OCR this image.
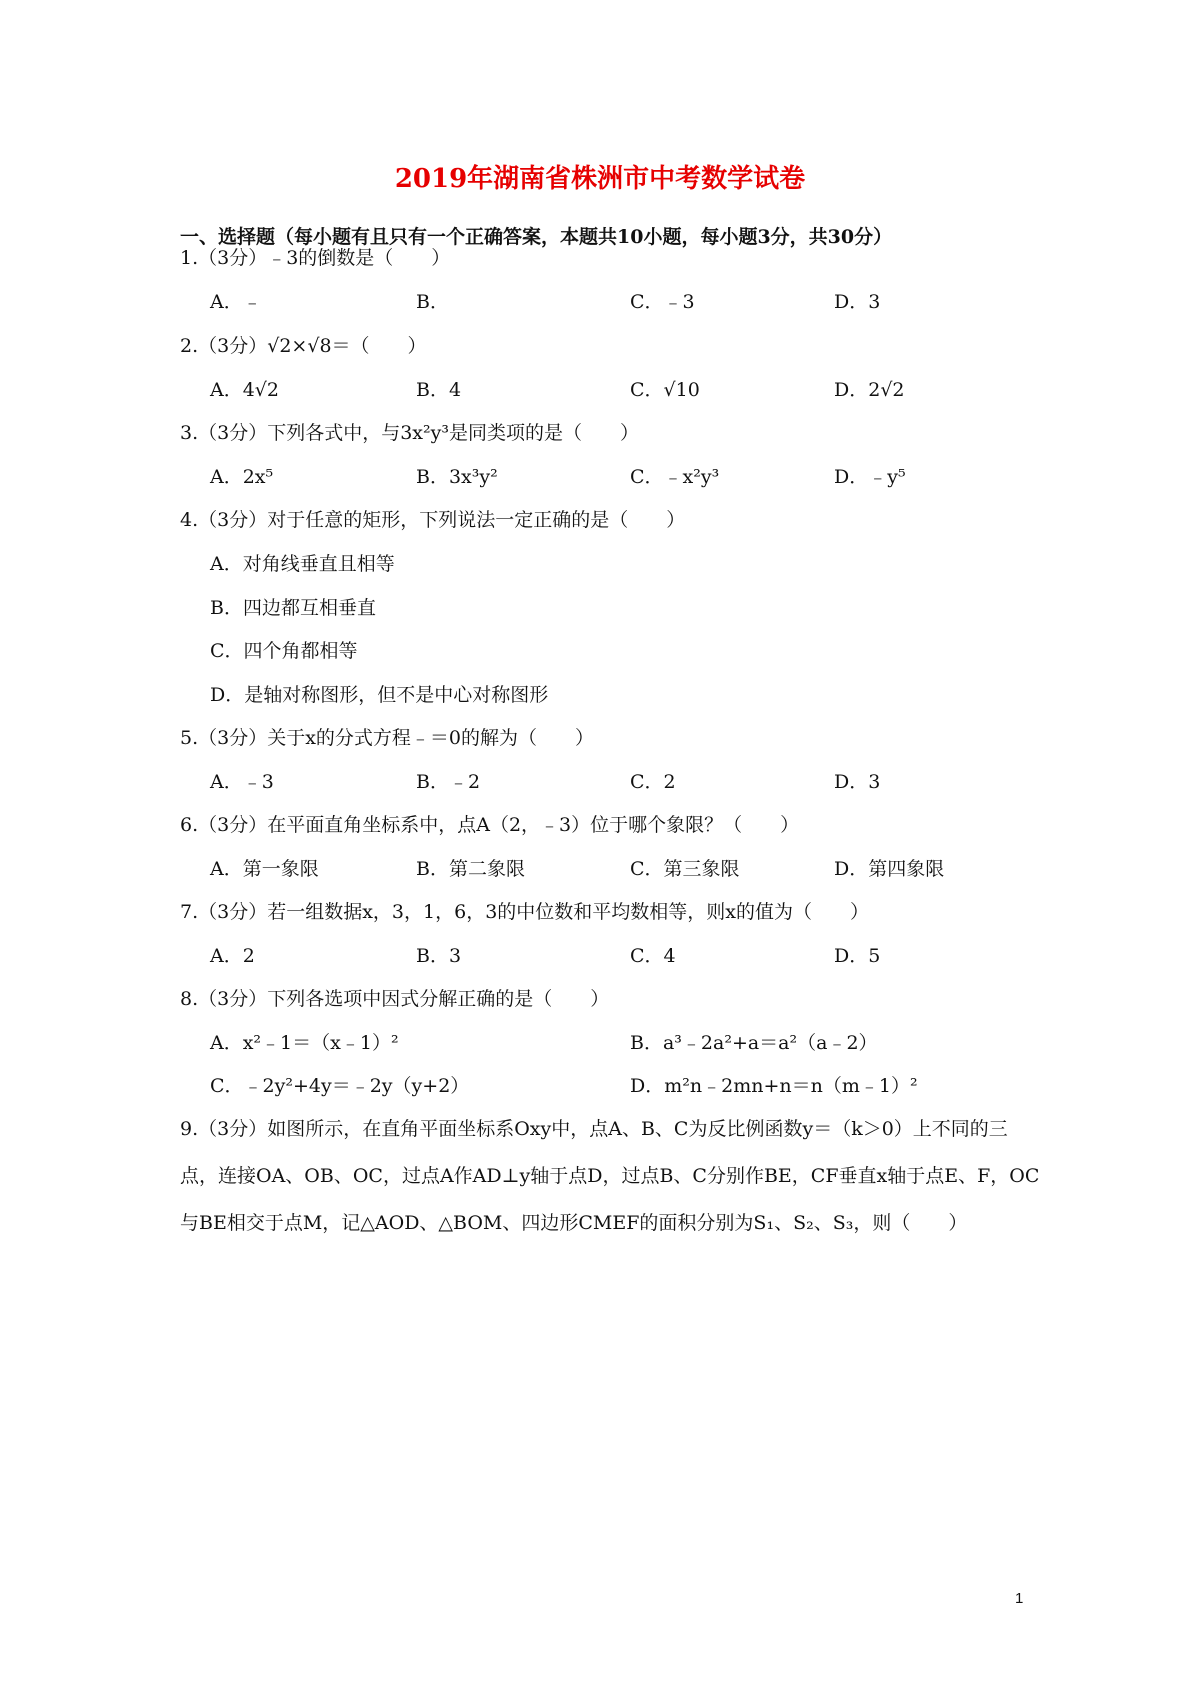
2019年湖南省株洲市中考数学试卷
一、选择题（每小题有且只有一个正确答案，本题共10小题，每小题3分，共30分）
1.（3分）﹣3的倒数是（　　）
A．﹣	B．	C．﹣3	D．3
2.（3分）√2×√8＝（　　）
A．4√2	B．4	C．√10	D．2√2
3.（3分）下列各式中，与3x²y³是同类项的是（　　）
A．2x⁵	B．3x³y²	C．﹣x²y³	D．﹣y⁵
4.（3分）对于任意的矩形，下列说法一定正确的是（　　）
A．对角线垂直且相等
B．四边都互相垂直
C．四个角都相等
D．是轴对称图形，但不是中心对称图形
5.（3分）关于x的分式方程﹣＝0的解为（　　）
A．﹣3	B．﹣2	C．2	D．3
6.（3分）在平面直角坐标系中，点A（2，﹣3）位于哪个象限？（　　）
A．第一象限	B．第二象限	C．第三象限	D．第四象限
7.（3分）若一组数据x，3，1，6，3的中位数和平均数相等，则x的值为（　　）
A．2	B．3	C．4	D．5
8.（3分）下列各选项中因式分解正确的是（　　）
A．x²﹣1＝（x﹣1）²	B．a³﹣2a²+a＝a²（a﹣2）
C．﹣2y²+4y＝﹣2y（y+2）	D．m²n﹣2mn+n＝n（m﹣1）²
9.（3分）如图所示，在直角平面坐标系Oxy中，点A、B、C为反比例函数y＝（k＞0）上不同的三点，连接OA、OB、OC，过点A作AD⊥y轴于点D，过点B、C分别作BE，CF垂直x轴于点E、F，OC与BE相交于点M，记△AOD、△BOM、四边形CMEF的面积分别为S₁、S₂、S₃，则（　　）
1
